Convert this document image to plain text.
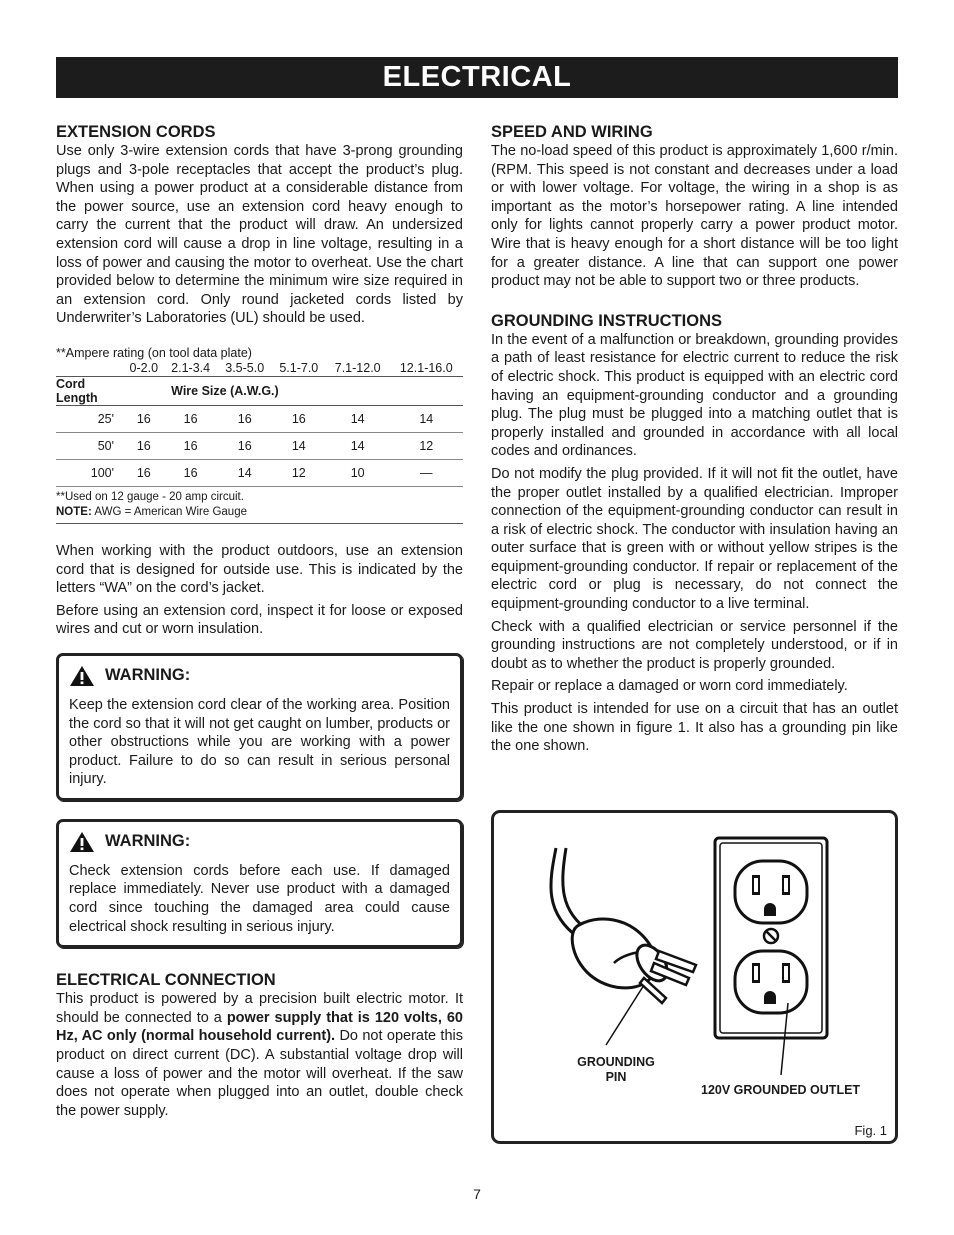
ELECTRICAL
EXTENSION CORDS

Use only 3-wire extension cords that have 3-prong grounding plugs and 3-pole receptacles that accept the product’s plug. When using a power product at a considerable distance from the power source, use an extension cord heavy enough to carry the current that the product will draw. An undersized extension cord will cause a drop in line voltage, resulting in a loss of power and causing the motor to overheat. Use the chart provided below to determine the minimum wire size required in an extension cord. Only round jacketed cords listed by Underwriter’s Laboratories (UL) should be used.

**Ampere rating (on tool data plate)						
	0-2.0	2.1-3.4	3.5-5.0	5.1-7.0	7.1-12.0	12.1-16.0
Cord Length	Wire Size (A.W.G.)					
25'	16	16	16	16	14	14
50'	16	16	16	14	14	12
100'	16	16	14	12	10	—
**Used on 12 gauge - 20 amp circuit.
NOTE: AWG = American Wire Gauge

When working with the product outdoors, use an extension cord that is designed for outside use. This is indicated by the letters “WA” on the cord’s jacket.

Before using an extension cord, inspect it for loose or exposed wires and cut or worn insulation.

WARNING:

Keep the extension cord clear of the working area. Position the cord so that it will not get caught on lumber, products or other obstructions while you are working with a power product. Failure to do so can result in serious personal injury.

WARNING:

Check extension cords before each use. If damaged replace immediately. Never use product with a damaged cord since touching the damaged area could cause electrical shock resulting in serious injury.

ELECTRICAL CONNECTION

This product is powered by a precision built electric motor. It should be connected to a power supply that is 120 volts, 60 Hz, AC only (normal household current). Do not operate this product on direct current (DC). A substantial voltage drop will cause a loss of power and the motor will overheat. If the saw does not operate when plugged into an outlet, double check the power supply.

SPEED AND WIRING

The no-load speed of this product is approximately 1,600 r/min. (RPM. This speed is not constant and decreases under a load or with lower voltage. For voltage, the wiring in a shop is as important as the motor’s horsepower rating. A line intended only for lights cannot properly carry a power product motor. Wire that is heavy enough for a short distance will be too light for a greater distance. A line that can support one power product may not be able to support two or three products.

GROUNDING INSTRUCTIONS

In the event of a malfunction or breakdown, grounding provides a path of least resistance for electric current to reduce the risk of electric shock. This product is equipped with an electric cord having an equipment-grounding conductor and a grounding plug. The plug must be plugged into a matching outlet that is properly installed and grounded in accordance with all local codes and ordinances.

Do not modify the plug provided. If it will not fit the outlet, have the proper outlet installed by a qualified electrician. Improper connection of the equipment-grounding conductor can result in a risk of electric shock. The conductor with insulation having an outer surface that is green with or without yellow stripes is the equipment-grounding conductor. If repair or replacement of the electric cord or plug is necessary, do not connect the equipment-grounding conductor to a live terminal.

Check with a qualified electrician or service personnel if the grounding instructions are not completely understood, or if in doubt as to whether the product is properly grounded.

Repair or replace a damaged or worn cord immediately.

This product is intended for use on a circuit that has an outlet like the one shown in figure 1. It also has a grounding pin like the one shown.

GROUNDING
PIN
120V GROUNDED OUTLET
Fig. 1
7
